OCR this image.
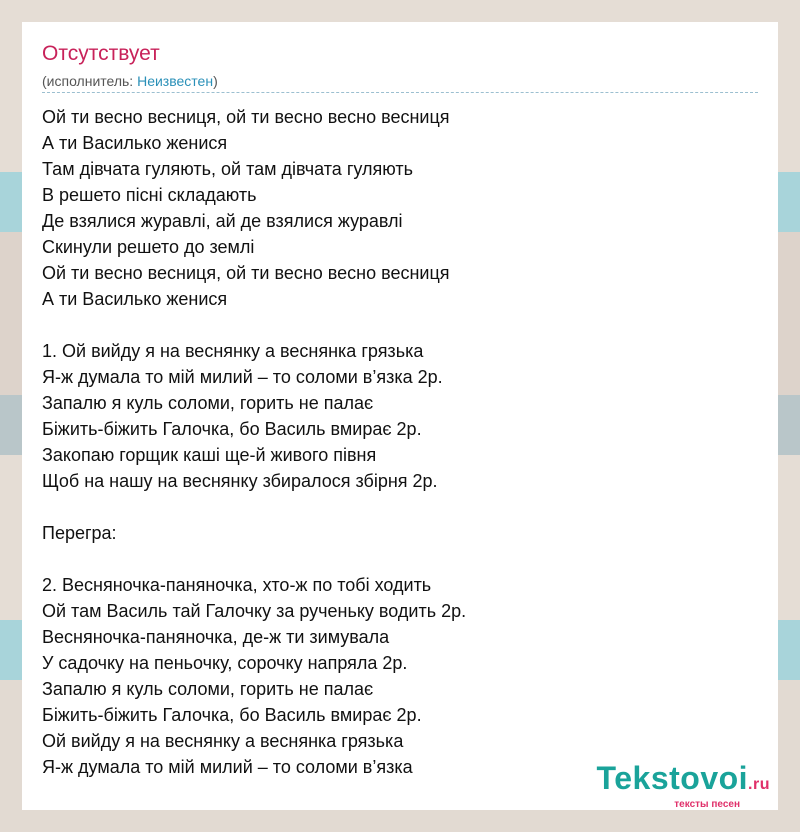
Отсутствует
(исполнитель: Неизвестен)
Ой ти весно весниця, ой ти весно весно весниця
А ти Василько женися
Там дівчата гуляють, ой там дівчата гуляють
В решето пісні складають
Де взялися журавлі, ай де взялися журавлі
Скинули решето до землі
Ой ти весно весниця, ой ти весно весно весниця
А ти Василько женися
1. Ой вийду я на веснянку а веснянка грязька
Я-ж думала то мій милий – то соломи в’язка 2р.
Запалю я куль соломи, горить не палає
Біжить-біжить Галочка, бо Василь вмирає 2р.
Закопаю горщик каші ще-й живого півня
Щоб на нашу на веснянку збиралося збірня 2р.
Перегра:
2. Весняночка-паняночка, хто-ж по тобі ходить
Ой там Василь тай Галочку за рученьку водить 2р.
Весняночка-паняночка, де-ж ти зимувала
У садочку на пеньочку, сорочку напряла 2р.
Запалю я куль соломи, горить не палає
Біжить-біжить Галочка, бо Василь вмирає 2р.
Ой вийду я на веснянку а веснянка грязька
Я-ж думала то мій милий – то соломи в’язка	Tekstovoi.ru
тексты песен
